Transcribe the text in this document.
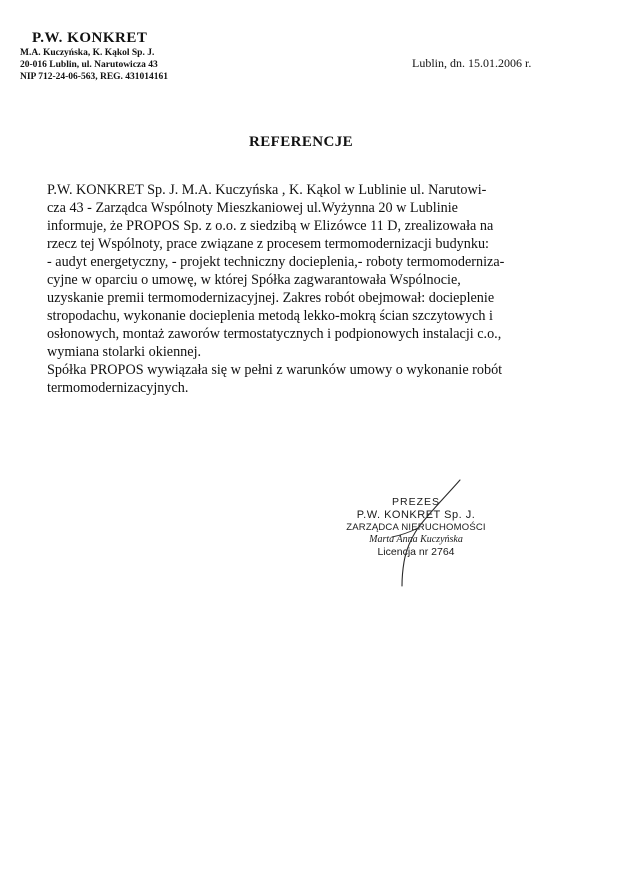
P.W. KONKRET
M.A. Kuczyńska, K. Kąkol Sp. J.
20-016 Lublin, ul. Narutowicza 43
NIP 712-24-06-563, REG. 431014161
Lublin, dn. 15.01.2006 r.
REFERENCJE
P.W. KONKRET Sp. J. M.A. Kuczyńska , K. Kąkol w Lublinie ul. Narutowi-
cza 43 - Zarządca Wspólnoty Mieszkaniowej ul.Wyżynna 20 w Lublinie
informuje, że PROPOS Sp. z o.o. z siedzibą w Elizówce 11 D, zrealizowała na
rzecz tej Wspólnoty, prace związane z procesem termomodernizacji budynku:
- audyt energetyczny, - projekt techniczny docieplenia,- roboty termomoderniza-
cyjne w oparciu o umowę, w której Spółka zagwarantowała Wspólnocie,
uzyskanie premii termomodernizacyjnej. Zakres robót obejmował: docieplenie
stropodachu, wykonanie docieplenia metodą lekko-mokrą ścian szczytowych i
osłonowych, montaż zaworów termostatycznych i podpionowych instalacji c.o.,
wymiana stolarki okiennej.
Spółka PROPOS wywiązała się w pełni z warunków umowy o wykonanie robót
termomodernizacyjnych.
PREZES
P.W. KONKRET Sp. J.
ZARZĄDCA NIERUCHOMOŚCI
Marta Anna Kuczyńska
Licencja nr 2764
